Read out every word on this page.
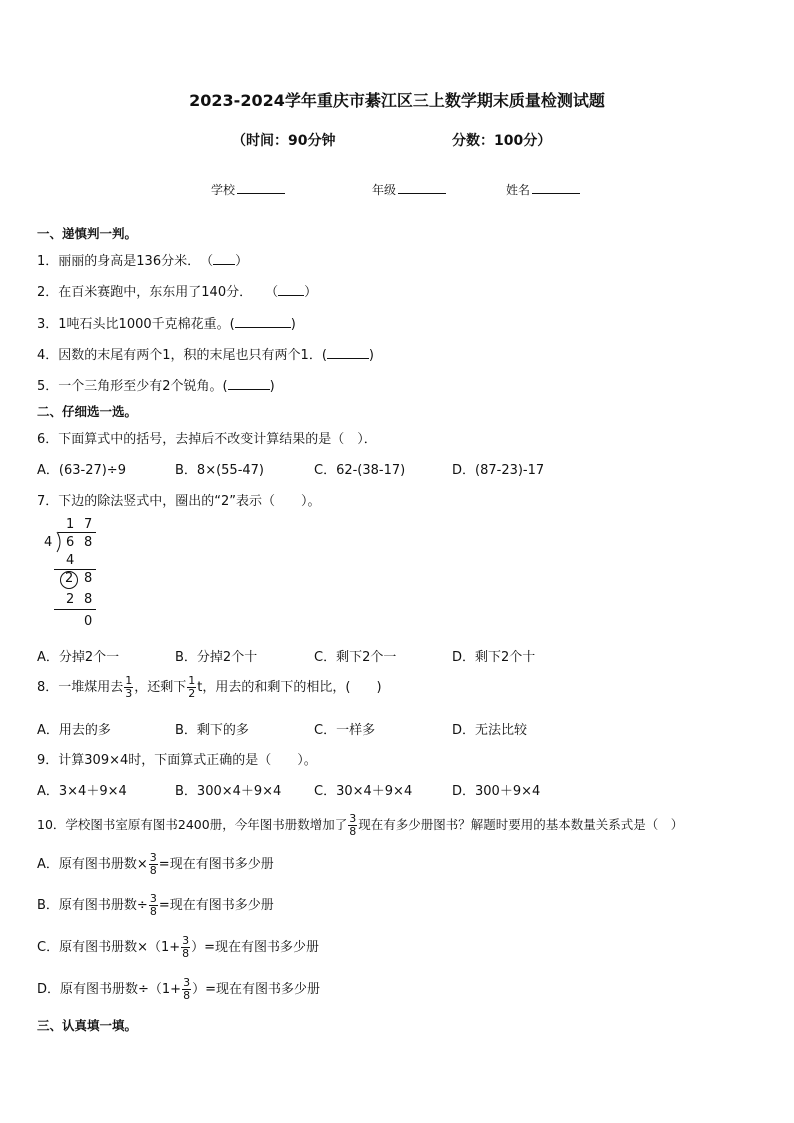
2023-2024学年重庆市綦江区三上数学期末质量检测试题
（时间：90分钟	分数：100分）
学校	年级	姓名
一、递慎判一判。
1．丽丽的身高是136分米．　（ ）
2．在百米赛跑中，东东用了140分．　　（ ）
3．1吨石头比1000千克棉花重。(	)
4．因数的末尾有两个1，积的末尾也只有两个1．(	)
5．一个三角形至少有2个锐角。(	)
二、仔细选一选。
6．下面算式中的括号，去掉后不改变计算结果的是（　）．
A．(63-27)÷9	B．8×(55-47)	C．62-(38-17)	D．(87-23)-17
7．下边的除法竖式中，圈出的“2”表示（　　）。
1 7
4 6 8
4
2 8
2 8
0
A．分掉2个一	B．分掉2个十	C．剩下2个一	D．剩下2个十
8．一堆煤用去 $\frac{1}{3}$ ，还剩下 $\frac{1}{2}$ t，用去的和剩下的相比，(　　)
A．用去的多	B．剩下的多	C．一样多	D．无法比较
9．计算309×4时，下面算式正确的是（　　）。
A．3×4＋9×4	B．300×4＋9×4	C．30×4＋9×4	D．300＋9×4
10．学校图书室原有图书2400册，今年图书册数增加了 $\frac{3}{8}$ 现在有多少册图书？解题时要用的基本数量关系式是（　）
A．原有图书册数× $\frac{3}{8}$ =现在有图书多少册
B．原有图书册数÷ $\frac{3}{8}$ =现在有图书多少册
C．原有图书册数$\times(1+ \frac{3}{8}$ ）=现在有图书多少册
D．原有图书册数$\div(1+ \frac{3}{8}$ ）=现在有图书多少册
三、认真填一填。
